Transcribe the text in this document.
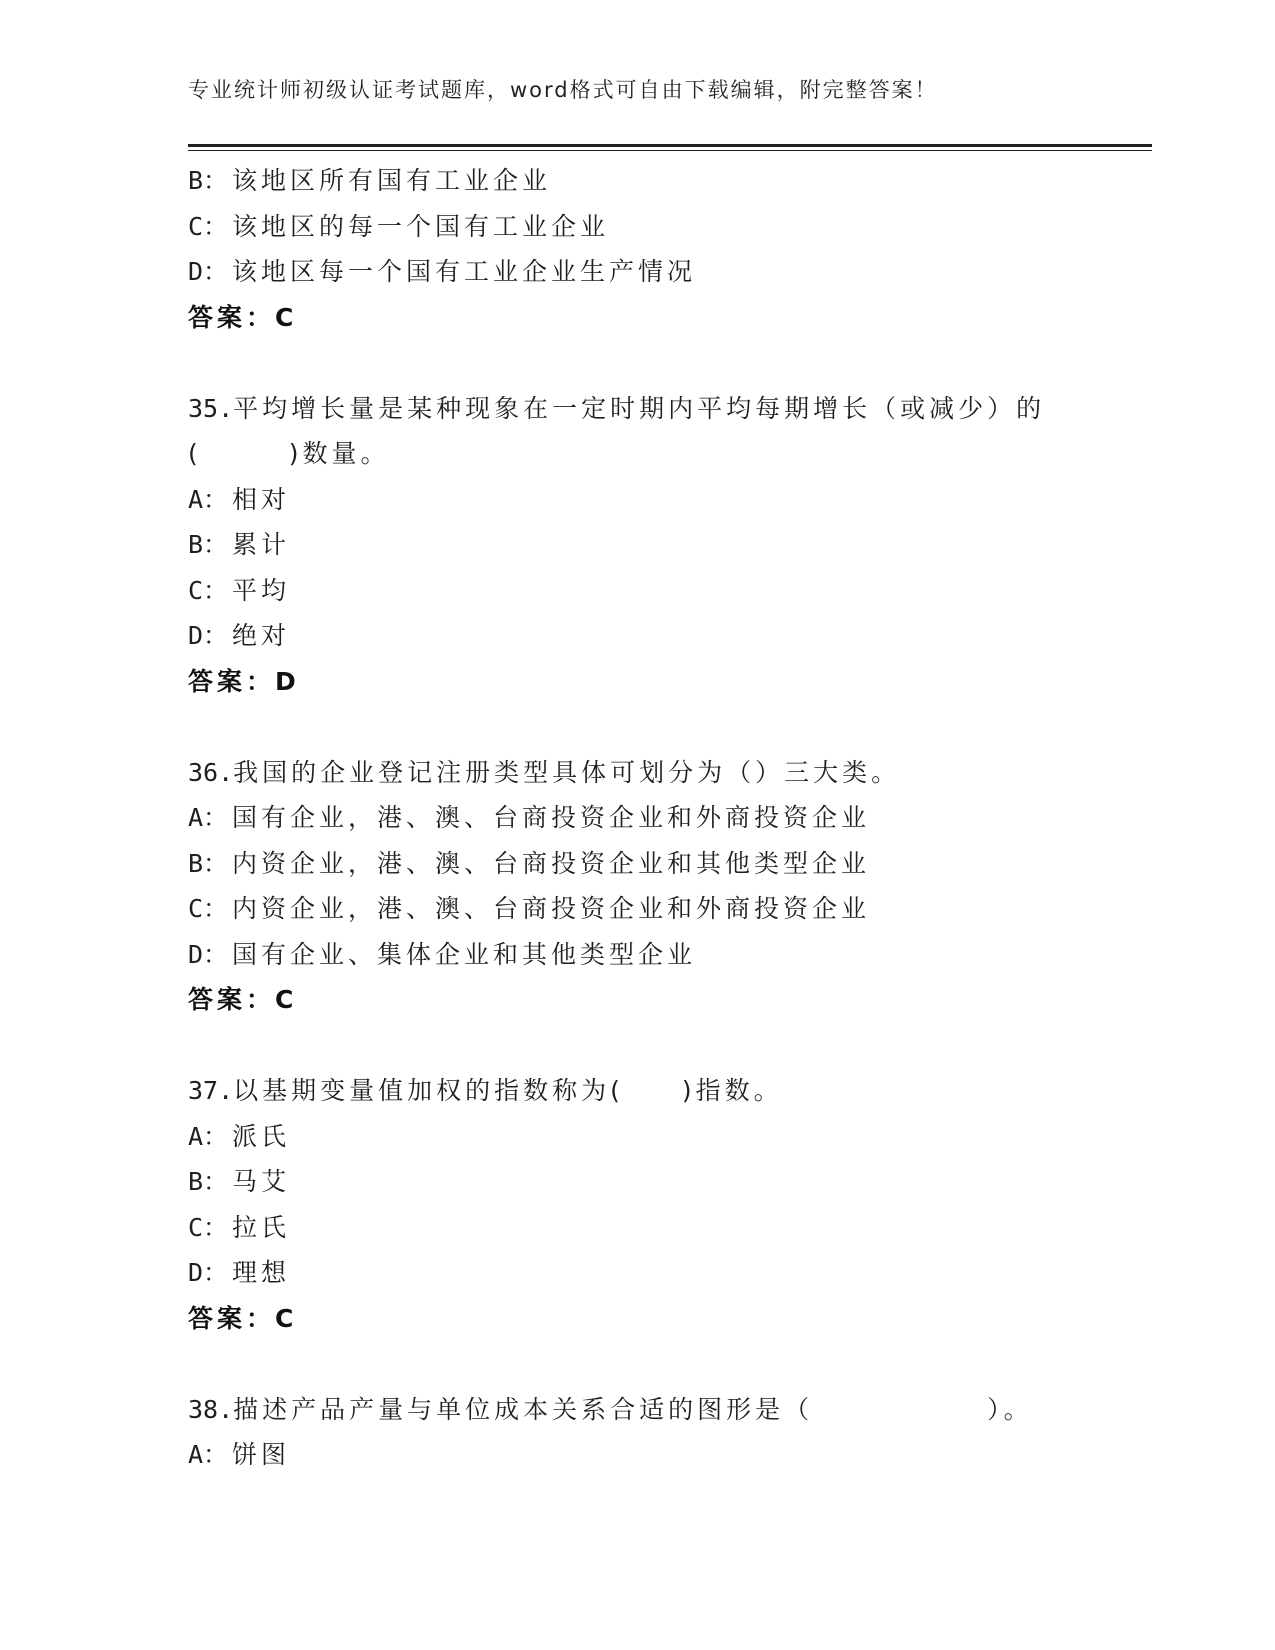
专业统计师初级认证考试题库，word格式可自由下载编辑，附完整答案！
B： 该地区所有国有工业企业
C： 该地区的每一个国有工业企业
D： 该地区每一个国有工业企业生产情况
答案：C
35.平均增长量是某种现象在一定时期内平均每期增长（或减少）的
(　　　)数量。
A： 相对
B： 累计
C： 平均
D： 绝对
答案：D
36.我国的企业登记注册类型具体可划分为（）三大类。
A： 国有企业，港、澳、台商投资企业和外商投资企业
B： 内资企业，港、澳、台商投资企业和其他类型企业
C： 内资企业，港、澳、台商投资企业和外商投资企业
D： 国有企业、集体企业和其他类型企业
答案：C
37.以基期变量值加权的指数称为(　　)指数。
A： 派氏
B： 马艾
C： 拉氏
D： 理想
答案：C
38.描述产品产量与单位成本关系合适的图形是（　　　　　　）。
A： 饼图
